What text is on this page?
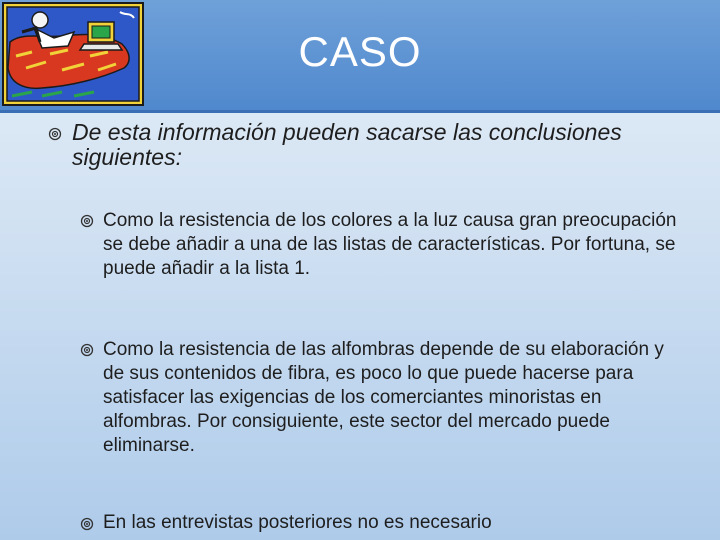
CASO
De esta información pueden sacarse las conclusiones siguientes:
Como la resistencia de los colores a la luz causa gran preocupación se debe añadir a una de las listas de características. Por fortuna, se puede añadir a la lista 1.
Como la resistencia de las alfombras depende de su elaboración y de sus contenidos de fibra, es poco lo que puede hacerse para satisfacer las exigencias de los comerciantes minoristas en alfombras. Por consiguiente, este sector del mercado puede eliminarse.
En las entrevistas posteriores no es necesario
